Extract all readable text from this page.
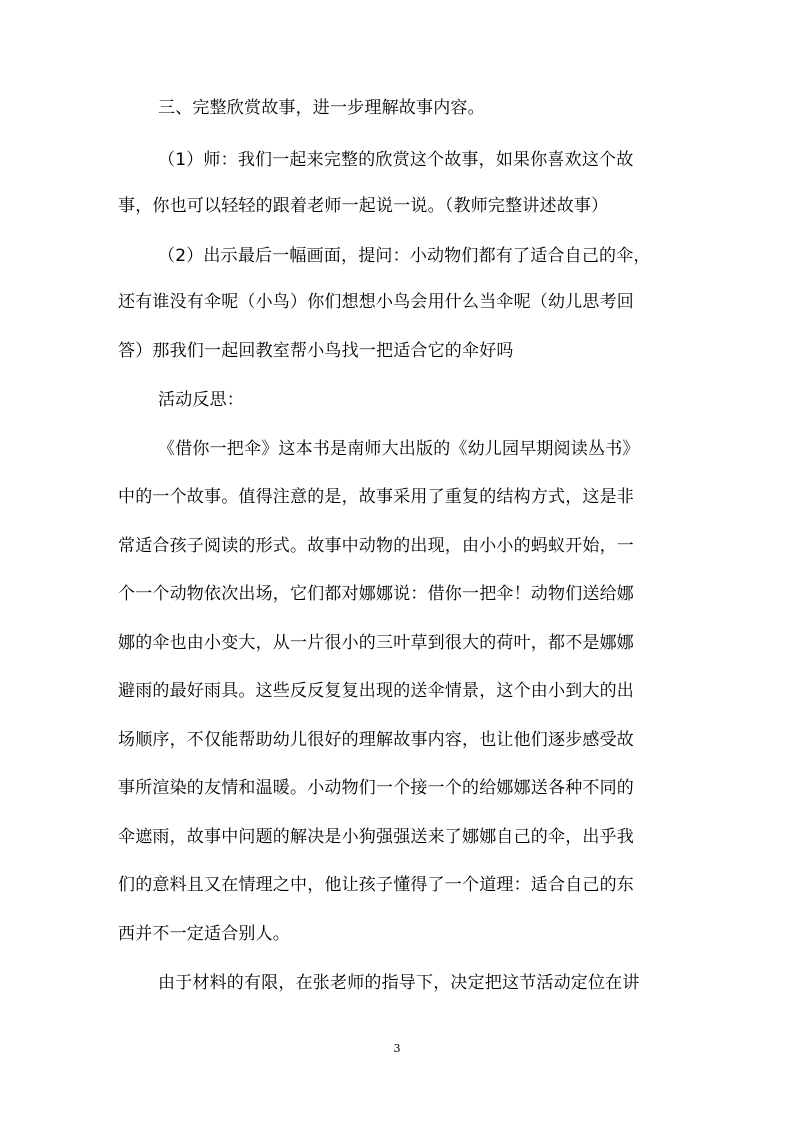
三、完整欣赏故事，进一步理解故事内容。
（1）师：我们一起来完整的欣赏这个故事，如果你喜欢这个故
事，你也可以轻轻的跟着老师一起说一说。（教师完整讲述故事）
（2）出示最后一幅画面，提问：小动物们都有了适合自己的伞，
还有谁没有伞呢（小鸟）你们想想小鸟会用什么当伞呢（幼儿思考回
答）那我们一起回教室帮小鸟找一把适合它的伞好吗
活动反思：
《借你一把伞》这本书是南师大出版的《幼儿园早期阅读丛书》
中的一个故事。值得注意的是，故事采用了重复的结构方式，这是非
常适合孩子阅读的形式。故事中动物的出现，由小小的蚂蚁开始，一
个一个动物依次出场，它们都对娜娜说：借你一把伞！动物们送给娜
娜的伞也由小变大，从一片很小的三叶草到很大的荷叶，都不是娜娜
避雨的最好雨具。这些反反复复出现的送伞情景，这个由小到大的出
场顺序，不仅能帮助幼儿很好的理解故事内容，也让他们逐步感受故
事所渲染的友情和温暖。小动物们一个接一个的给娜娜送各种不同的
伞遮雨，故事中问题的解决是小狗强强送来了娜娜自己的伞，出乎我
们的意料且又在情理之中，他让孩子懂得了一个道理：适合自己的东
西并不一定适合别人。
由于材料的有限，在张老师的指导下，决定把这节活动定位在讲
3
